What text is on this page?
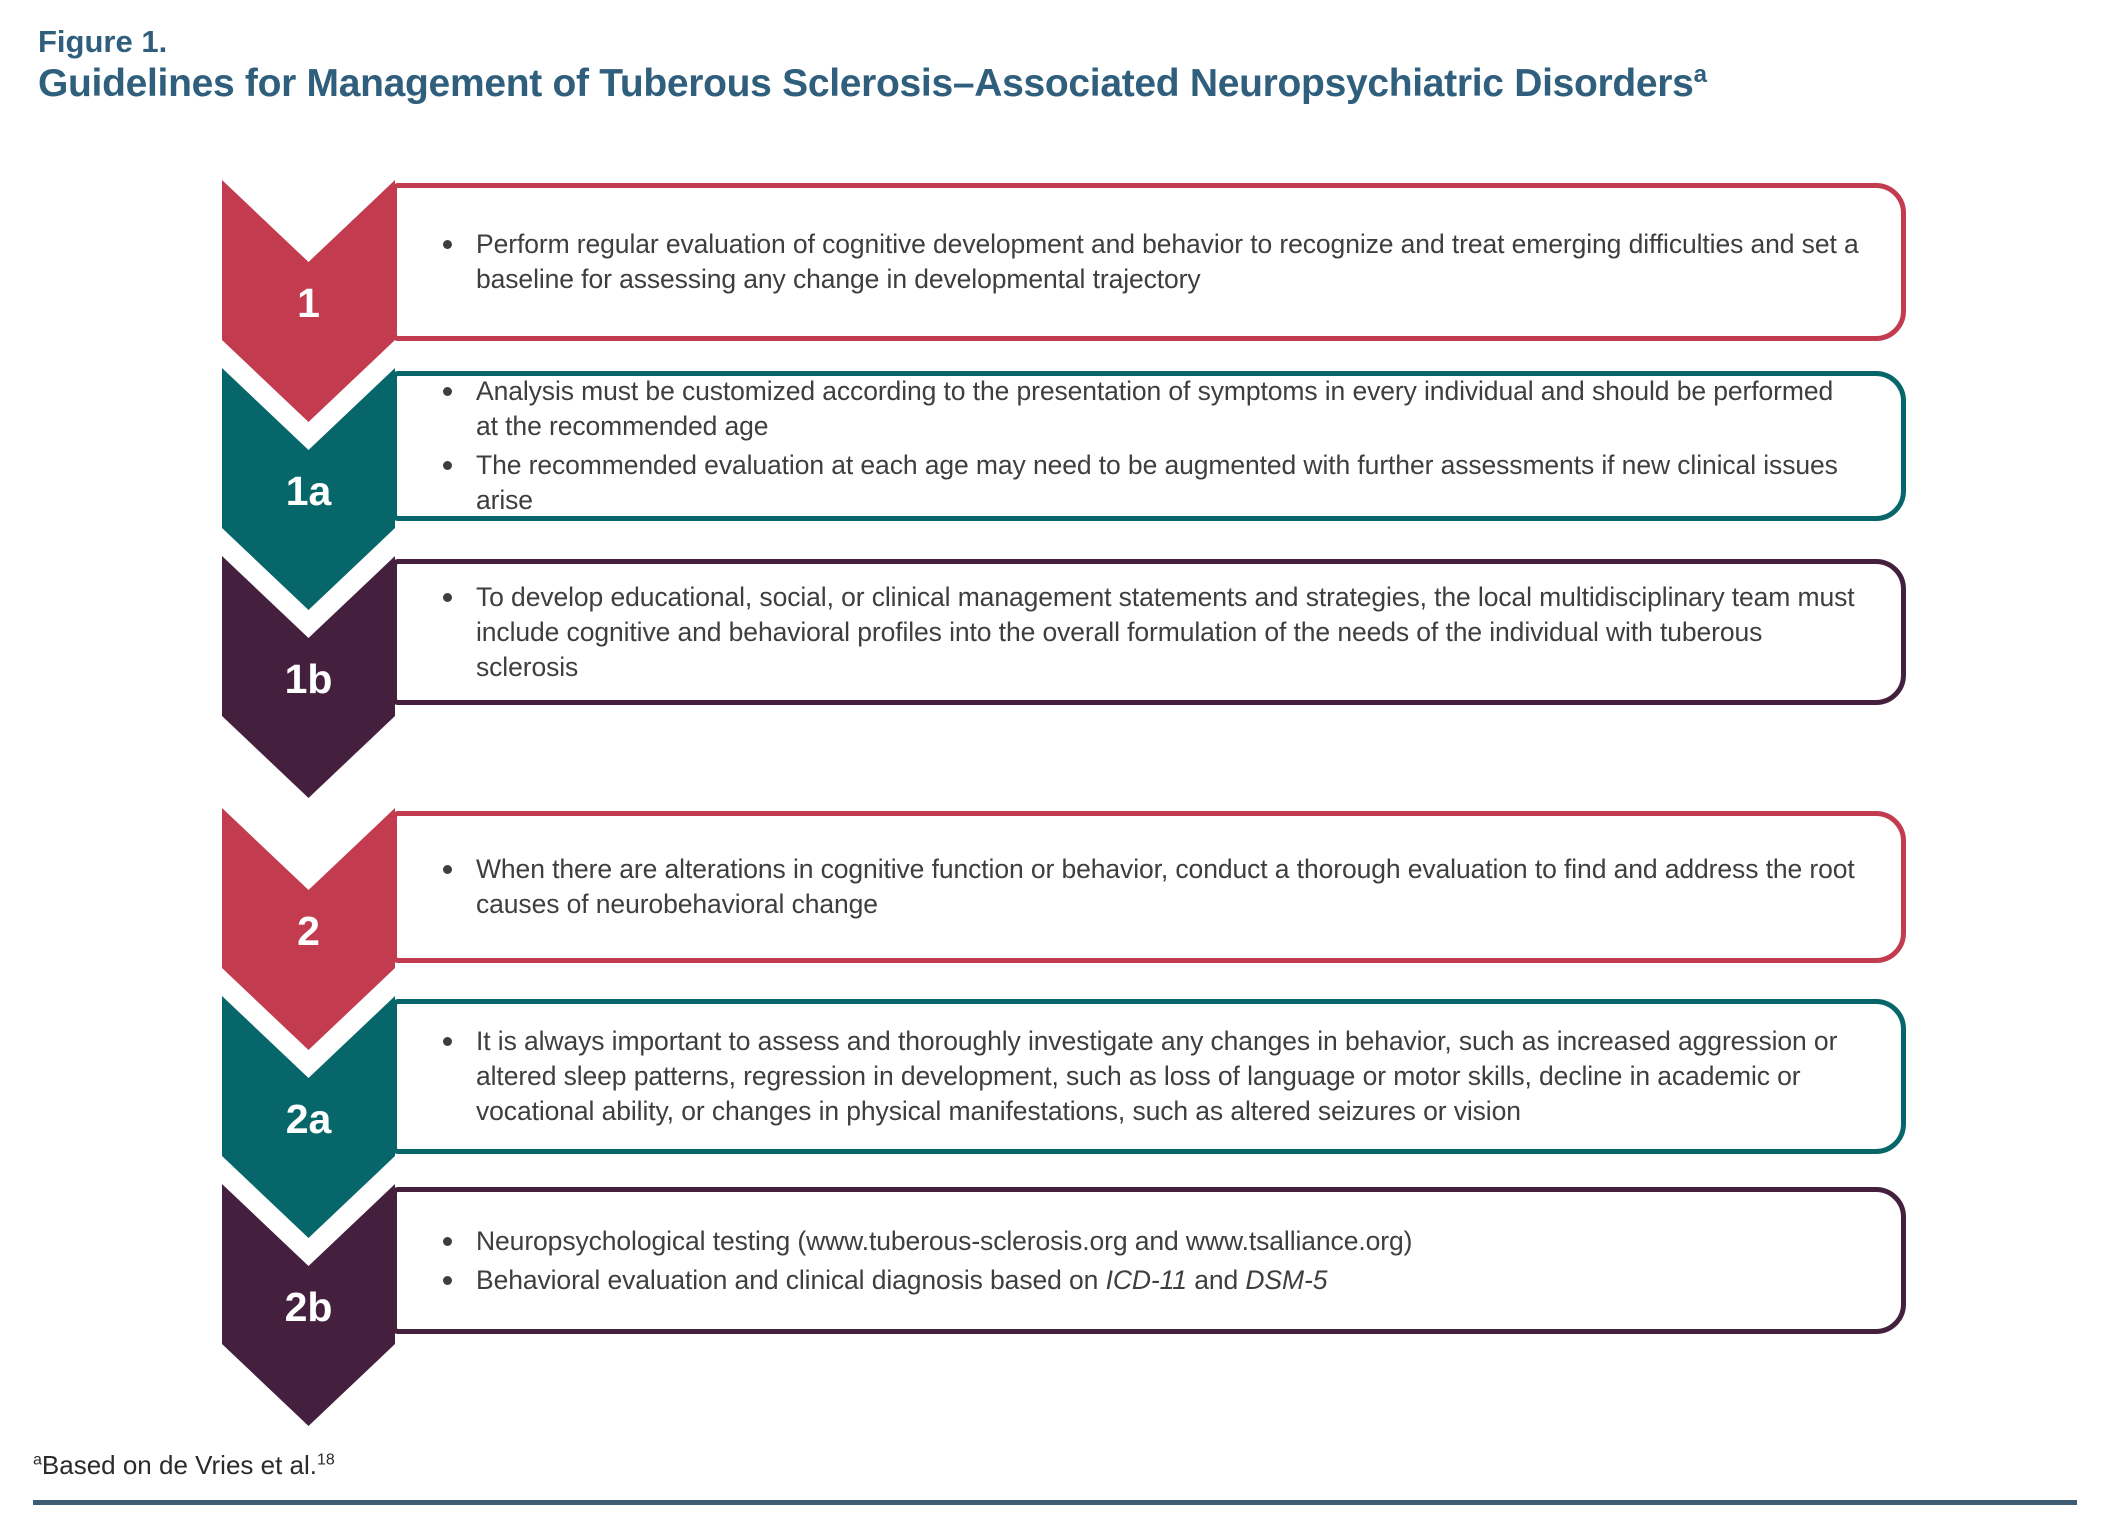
Figure 1.
Guidelines for Management of Tuberous Sclerosis–Associated Neuropsychiatric Disorders$^a$
Perform regular evaluation of cognitive development and behavior to recognize and treat emerging difficulties and set a baseline for assessing any change in developmental trajectory
1
Analysis must be customized according to the presentation of symptoms in every individual and should be performed at the recommended age
The recommended evaluation at each age may need to be augmented with further assessments if new clinical issues arise
1a
To develop educational, social, or clinical management statements and strategies, the local multidisciplinary team must include cognitive and behavioral profiles into the overall formulation of the needs of the individual with tuberous sclerosis
1b
When there are alterations in cognitive function or behavior, conduct a thorough evaluation to find and address the root causes of neurobehavioral change
2
It is always important to assess and thoroughly investigate any changes in behavior, such as increased aggression or altered sleep patterns, regression in development, such as loss of language or motor skills, decline in academic or vocational ability, or changes in physical manifestations, such as altered seizures or vision
2a
Neuropsychological testing (www.tuberous-sclerosis.org and www.tsalliance.org)
Behavioral evaluation and clinical diagnosis based on ICD-11 and DSM-5
2b
$^a$Based on de Vries et al.$^{18}$
